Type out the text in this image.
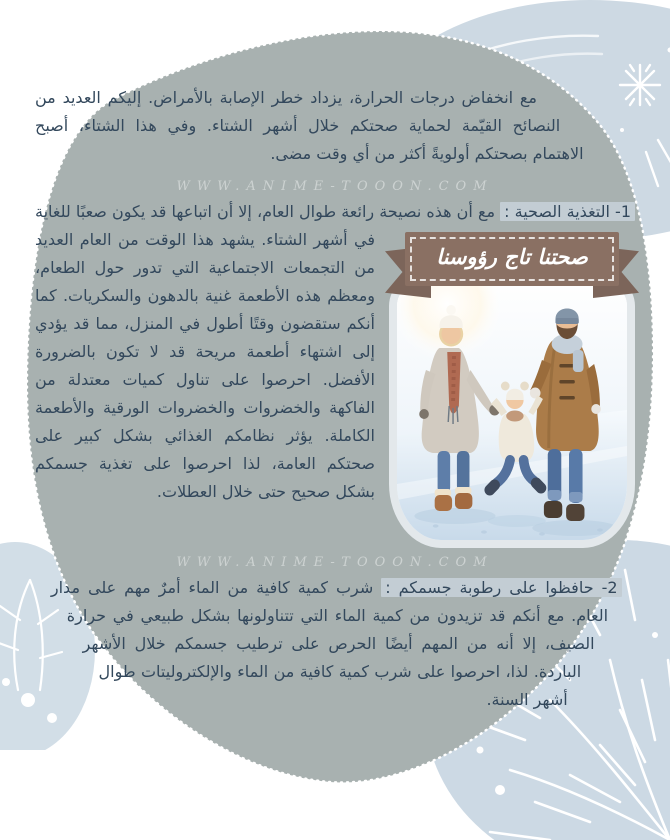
مع انخفاض درجات الحرارة، يزداد خطر الإصابة بالأمراض. إليكم العديد من النصائح القيّمة لحماية صحتكم خلال أشهر الشتاء. وفي هذا الشتاء، أصبح الاهتمام بصحتكم أولويةً أكثر من أي وقت مضى.
WWW.ANIME-TOOON.COM
1- التغذية الصحية : مع أن هذه نصيحة رائعة طوال العام، إلا أن اتباعها
صحتنا تاج رؤوسنا
قد يكون صعبًا للغاية في أشهر الشتاء. يشهد هذا الوقت من العام العديد من التجمعات الاجتماعية التي تدور حول الطعام، ومعظم هذه الأطعمة غنية بالدهون والسكريات. كما أنكم ستقضون وقتًا أطول في المنزل، مما قد يؤدي إلى اشتهاء أطعمة مريحة قد لا تكون بالضرورة الأفضل. احرصوا على تناول كميات معتدلة من الفاكهة والخضروات والخضروات الورقية والأطعمة الكاملة. يؤثر نظامكم الغذائي بشكل كبير على صحتكم العامة، لذا احرصوا على تغذية جسمكم بشكل صحيح حتى خلال العطلات.
WWW.ANIME-TOOON.COM
2- حافظوا على رطوبة جسمكم : شرب كمية كافية من الماء أمرٌ مهم على مدار العام. مع أنكم قد تزيدون من كمية الماء التي تتناولونها بشكل طبيعي في حرارة الصيف، إلا أنه من المهم أيضًا الحرص على ترطيب جسمكم خلال الأشهر الباردة. لذا، احرصوا على شرب كمية كافية من الماء والإلكتروليتات طوال أشهر السنة.
